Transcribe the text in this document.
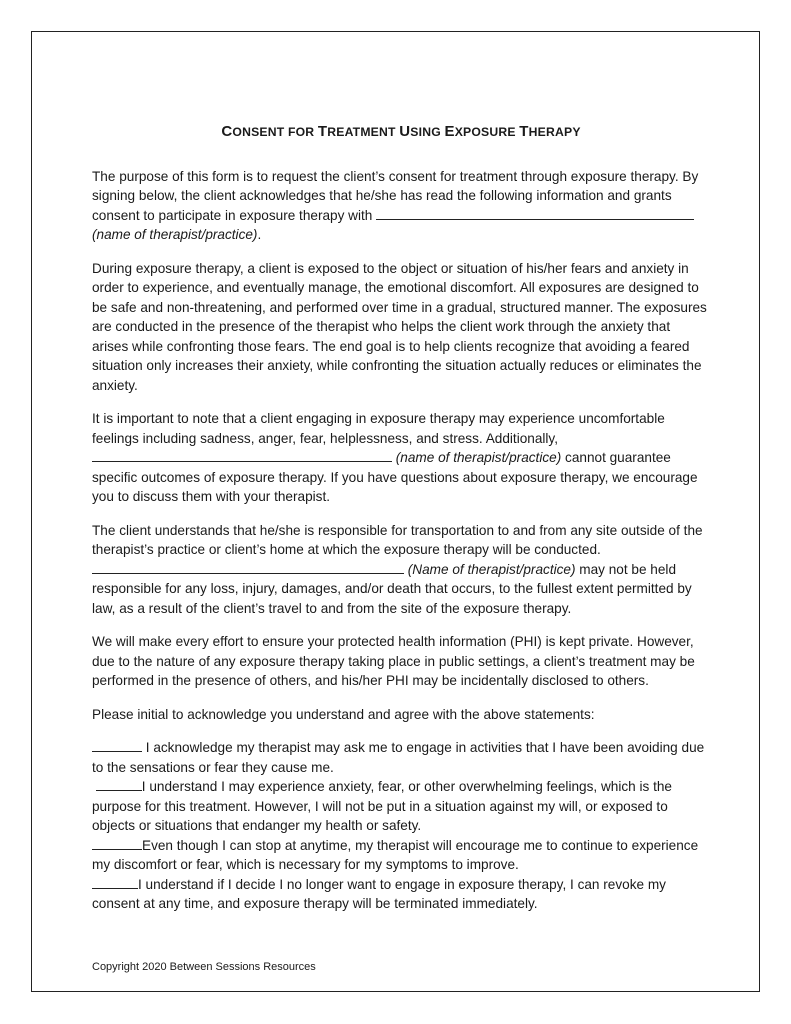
CONSENT FOR TREATMENT USING EXPOSURE THERAPY

The purpose of this form is to request the client’s consent for treatment through exposure therapy. By signing below, the client acknowledges that he/she has read the following information and grants consent to participate in exposure therapy with  (name of therapist/practice).

During exposure therapy, a client is exposed to the object or situation of his/her fears and anxiety in order to experience, and eventually manage, the emotional discomfort. All exposures are designed to be safe and non-threatening, and performed over time in a gradual, structured manner. The exposures are conducted in the presence of the therapist who helps the client work through the anxiety that arises while confronting those fears. The end goal is to help clients recognize that avoiding a feared situation only increases their anxiety, while confronting the situation actually reduces or eliminates the anxiety.

It is important to note that a client engaging in exposure therapy may experience uncomfortable feelings including sadness, anger, fear, helplessness, and stress. Additionally,
(name of therapist/practice) cannot guarantee specific outcomes of exposure therapy. If you have questions about exposure therapy, we encourage you to discuss them with your therapist.

The client understands that he/she is responsible for transportation to and from any site outside of the therapist’s practice or client’s home at which the exposure therapy will be conducted.  (Name of therapist/practice) may not be held responsible for any loss, injury, damages, and/or death that occurs, to the fullest extent permitted by law, as a result of the client’s travel to and from the site of the exposure therapy.

We will make every effort to ensure your protected health information (PHI) is kept private. However, due to the nature of any exposure therapy taking place in public settings, a client’s treatment may be performed in the presence of others, and his/her PHI may be incidentally disclosed to others.

Please initial to acknowledge you understand and agree with the above statements:

I acknowledge my therapist may ask me to engage in activities that I have been avoiding due to the sensations or fear they cause me.

I understand I may experience anxiety, fear, or other overwhelming feelings, which is the purpose for this treatment. However, I will not be put in a situation against my will, or exposed to objects or situations that endanger my health or safety.

Even though I can stop at anytime, my therapist will encourage me to continue to experience my discomfort or fear, which is necessary for my symptoms to improve.

I understand if I decide I no longer want to engage in exposure therapy, I can revoke my consent at any time, and exposure therapy will be terminated immediately.

Copyright 2020 Between Sessions Resources
